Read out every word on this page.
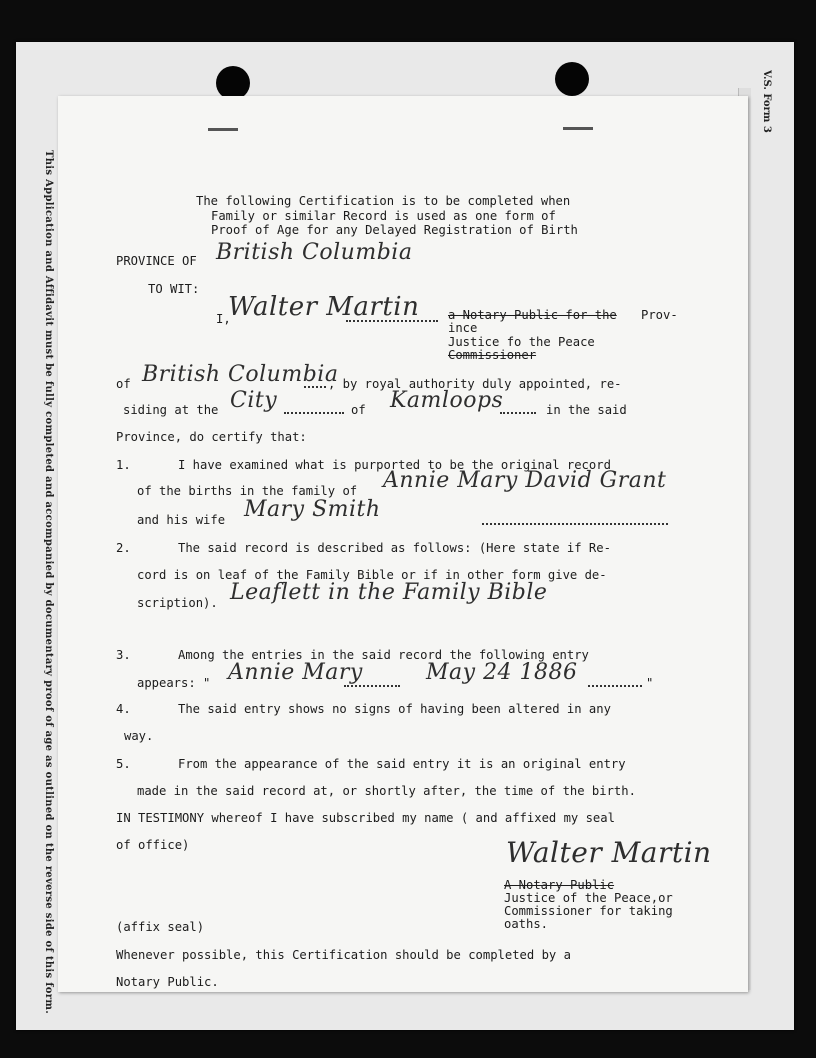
This Application and Affidavit must be fully completed and accompanied by documentary proof of age as outlined on the reverse side of this form.
V.S. Form 3
The following Certification is to be completed when
Family or similar Record is used as one form of
Proof of Age for any Delayed Registration of Birth
PROVINCE OF British Columbia
TO WIT:
I,
Walter Martin a Notary Public for the Prov-
ince
Justice fo the Peace
Commissioner
of British Columbia
, by royal authority duly appointed, re-
siding at the City	of Kamloops	in the said
Province, do certify that:
1.	I have examined what is purported to be the original record
of the births in the family of Annie Mary David Grant
and his wife Mary Smith
2.	The said record is described as follows: (Here state if Re-
cord is on leaf of the Family Bible or if in other form give de-
scription). Leaflett in the Family Bible
3.	Among the entries in the said record the following entry
appears: " Annie Mary	May 24 1886	"
4.	The said entry shows no signs of having been altered in any
way.
5.	From the appearance of the said entry it is an original entry
made in the said record at, or shortly after, the time of the birth.
IN TESTIMONY whereof I have subscribed my name ( and affixed my seal
of office)	Walter Martin
A Notary Public
Justice of the Peace,or
Commissioner for taking
oaths.
(affix seal)
Whenever possible, this Certification should be completed by a
Notary Public.
